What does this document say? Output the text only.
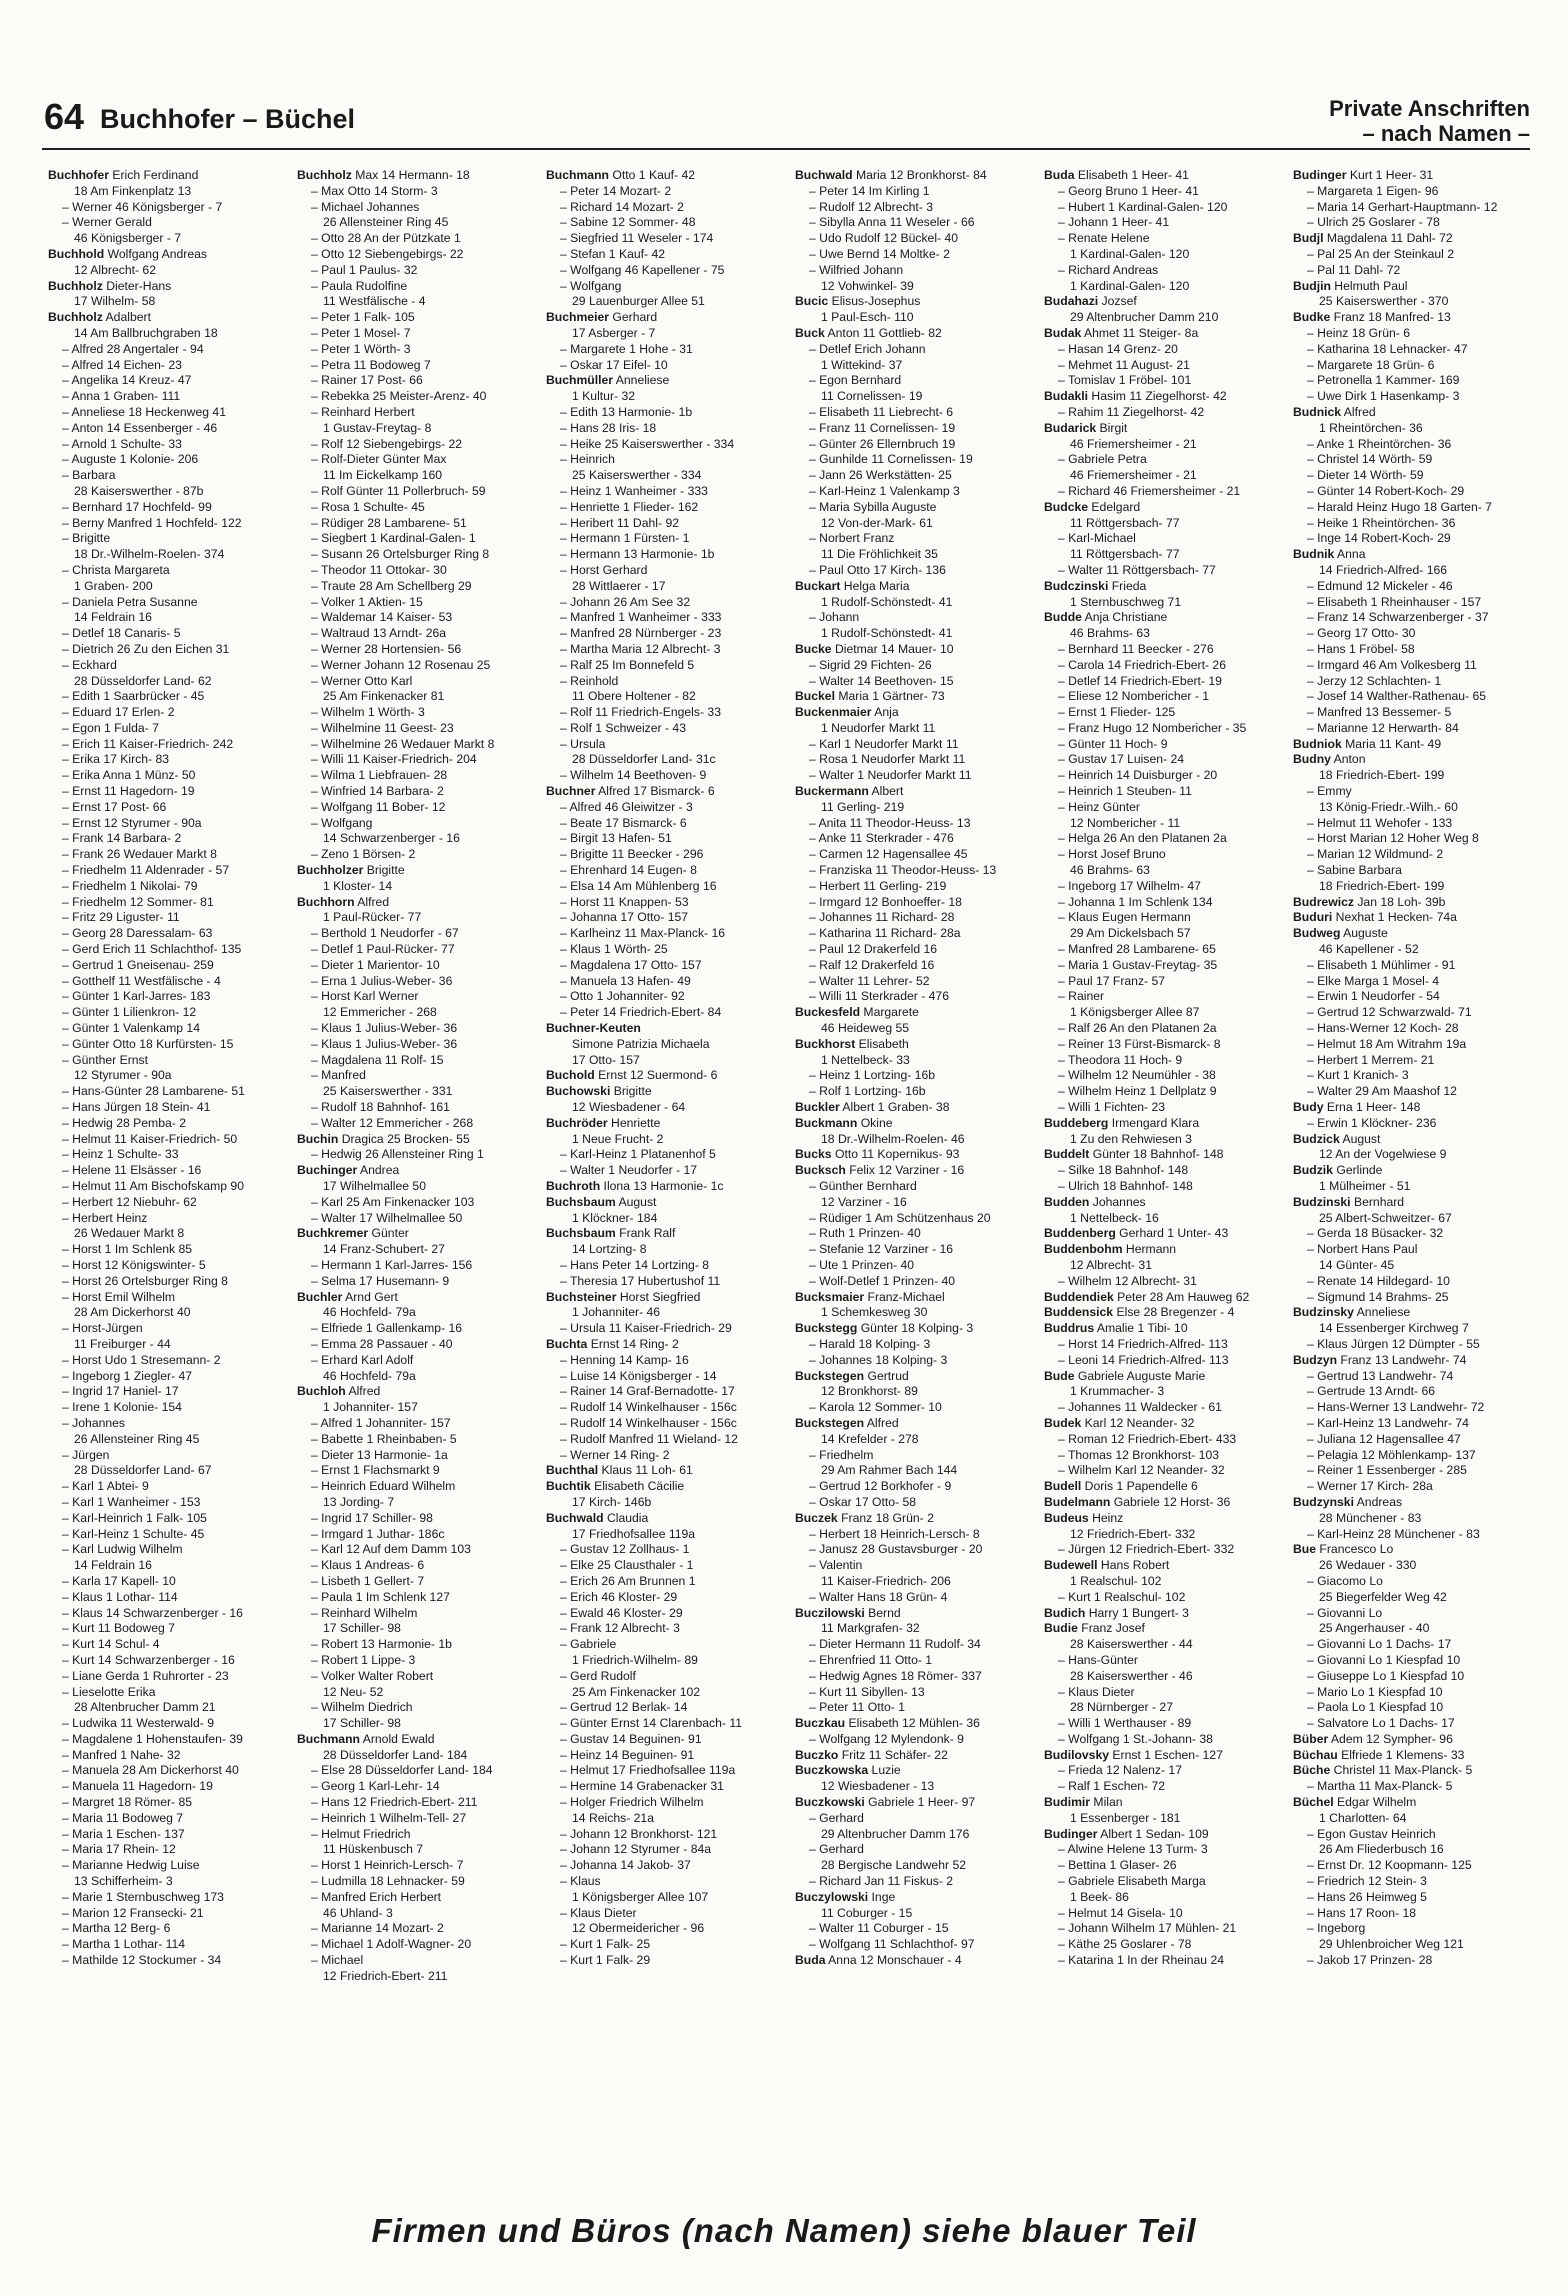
64 Buchhofer – Büchel	Private Anschriften
– nach Namen –
Buchhofer Erich Ferdinand
18 Am Finkenplatz 13
– Werner 46 Königsberger - 7
– Werner Gerald
46 Königsberger - 7
Buchhold Wolfgang Andreas
12 Albrecht- 62
Buchholz Dieter-Hans
17 Wilhelm- 58
Buchholz Adalbert
14 Am Ballbruchgraben 18
– Alfred 28 Angertaler - 94
– Alfred 14 Eichen- 23
– Angelika 14 Kreuz- 47
– Anna 1 Graben- 111
– Anneliese 18 Heckenweg 41
– Anton 14 Essenberger - 46
– Arnold 1 Schulte- 33
– Auguste 1 Kolonie- 206
– Barbara
28 Kaiserswerther - 87b
– Bernhard 17 Hochfeld- 99
– Berny Manfred 1 Hochfeld- 122
– Brigitte
18 Dr.-Wilhelm-Roelen- 374
– Christa Margareta
1 Graben- 200
– Daniela Petra Susanne
14 Feldrain 16
– Detlef 18 Canaris- 5
– Dietrich 26 Zu den Eichen 31
– Eckhard
28 Düsseldorfer Land- 62
– Edith 1 Saarbrücker - 45
– Eduard 17 Erlen- 2
– Egon 1 Fulda- 7
– Erich 11 Kaiser-Friedrich- 242
– Erika 17 Kirch- 83
– Erika Anna 1 Münz- 50
– Ernst 11 Hagedorn- 19
– Ernst 17 Post- 66
– Ernst 12 Styrumer - 90a
– Frank 14 Barbara- 2
– Frank 26 Wedauer Markt 8
– Friedhelm 11 Aldenrader - 57
– Friedhelm 1 Nikolai- 79
– Friedhelm 12 Sommer- 81
– Fritz 29 Liguster- 11
– Georg 28 Daressalam- 63
– Gerd Erich 11 Schlachthof- 135
– Gertrud 1 Gneisenau- 259
– Gotthelf 11 Westfälische - 4
– Günter 1 Karl-Jarres- 183
– Günter 1 Lilienkron- 12
– Günter 1 Valenkamp 14
– Günter Otto 18 Kurfürsten- 15
– Günther Ernst
12 Styrumer - 90a
– Hans-Günter 28 Lambarene- 51
– Hans Jürgen 18 Stein- 41
– Hedwig 28 Pemba- 2
– Helmut 11 Kaiser-Friedrich- 50
– Heinz 1 Schulte- 33
– Helene 11 Elsässer - 16
– Helmut 11 Am Bischofskamp 90
– Herbert 12 Niebuhr- 62
– Herbert Heinz
26 Wedauer Markt 8
– Horst 1 Im Schlenk 85
– Horst 12 Königswinter- 5
– Horst 26 Ortelsburger Ring 8
– Horst Emil Wilhelm
28 Am Dickerhorst 40
– Horst-Jürgen
11 Freiburger - 44
– Horst Udo 1 Stresemann- 2
– Ingeborg 1 Ziegler- 47
– Ingrid 17 Haniel- 17
– Irene 1 Kolonie- 154
– Johannes
26 Allensteiner Ring 45
– Jürgen
28 Düsseldorfer Land- 67
– Karl 1 Abtei- 9
– Karl 1 Wanheimer - 153
– Karl-Heinrich 1 Falk- 105
– Karl-Heinz 1 Schulte- 45
– Karl Ludwig Wilhelm
14 Feldrain 16
– Karla 17 Kapell- 10
– Klaus 1 Lothar- 114
– Klaus 14 Schwarzenberger - 16
– Kurt 11 Bodoweg 7
– Kurt 14 Schul- 4
– Kurt 14 Schwarzenberger - 16
– Liane Gerda 1 Ruhrorter - 23
– Lieselotte Erika
28 Altenbrucher Damm 21
– Ludwika 11 Westerwald- 9
– Magdalene 1 Hohenstaufen- 39
– Manfred 1 Nahe- 32
– Manuela 28 Am Dickerhorst 40
– Manuela 11 Hagedorn- 19
– Margret 18 Römer- 85
– Maria 11 Bodoweg 7
– Maria 1 Eschen- 137
– Maria 17 Rhein- 12
– Marianne Hedwig Luise
13 Schifferheim- 3
– Marie 1 Sternbuschweg 173
– Marion 12 Fransecki- 21
– Martha 12 Berg- 6
– Martha 1 Lothar- 114
– Mathilde 12 Stockumer - 34
Buchholz Max 14 Hermann- 18
– Max Otto 14 Storm- 3
– Michael Johannes
26 Allensteiner Ring 45
– Otto 28 An der Pützkate 1
– Otto 12 Siebengebirgs- 22
– Paul 1 Paulus- 32
– Paula Rudolfine
11 Westfälische - 4
– Peter 1 Falk- 105
– Peter 1 Mosel- 7
– Peter 1 Wörth- 3
– Petra 11 Bodoweg 7
– Rainer 17 Post- 66
– Rebekka 25 Meister-Arenz- 40
– Reinhard Herbert
1 Gustav-Freytag- 8
– Rolf 12 Siebengebirgs- 22
– Rolf-Dieter Günter Max
11 Im Eickelkamp 160
– Rolf Günter 11 Pollerbruch- 59
– Rosa 1 Schulte- 45
– Rüdiger 28 Lambarene- 51
– Siegbert 1 Kardinal-Galen- 1
– Susann 26 Ortelsburger Ring 8
– Theodor 11 Ottokar- 30
– Traute 28 Am Schellberg 29
– Volker 1 Aktien- 15
– Waldemar 14 Kaiser- 53
– Waltraud 13 Arndt- 26a
– Werner 28 Hortensien- 56
– Werner Johann 12 Rosenau 25
– Werner Otto Karl
25 Am Finkenacker 81
– Wilhelm 1 Wörth- 3
– Wilhelmine 11 Geest- 23
– Wilhelmine 26 Wedauer Markt 8
– Willi 11 Kaiser-Friedrich- 204
– Wilma 1 Liebfrauen- 28
– Winfried 14 Barbara- 2
– Wolfgang 11 Bober- 12
– Wolfgang
14 Schwarzenberger - 16
– Zeno 1 Börsen- 2
Buchholzer Brigitte
1 Kloster- 14
Buchhorn Alfred
1 Paul-Rücker- 77
– Berthold 1 Neudorfer - 67
– Detlef 1 Paul-Rücker- 77
– Dieter 1 Marientor- 10
– Erna 1 Julius-Weber- 36
– Horst Karl Werner
12 Emmericher - 268
– Klaus 1 Julius-Weber- 36
– Klaus 1 Julius-Weber- 36
– Magdalena 11 Rolf- 15
– Manfred
25 Kaiserswerther - 331
– Rudolf 18 Bahnhof- 161
– Walter 12 Emmericher - 268
Buchin Dragica 25 Brocken- 55
– Hedwig 26 Allensteiner Ring 1
Buchinger Andrea
17 Wilhelmallee 50
– Karl 25 Am Finkenacker 103
– Walter 17 Wilhelmallee 50
Buchkremer Günter
14 Franz-Schubert- 27
– Hermann 1 Karl-Jarres- 156
– Selma 17 Husemann- 9
Buchler Arnd Gert
46 Hochfeld- 79a
– Elfriede 1 Gallenkamp- 16
– Emma 28 Passauer - 40
– Erhard Karl Adolf
46 Hochfeld- 79a
Buchloh Alfred
1 Johanniter- 157
– Alfred 1 Johanniter- 157
– Babette 1 Rheinbaben- 5
– Dieter 13 Harmonie- 1a
– Ernst 1 Flachsmarkt 9
– Heinrich Eduard Wilhelm
13 Jording- 7
– Ingrid 17 Schiller- 98
– Irmgard 1 Juthar- 186c
– Karl 12 Auf dem Damm 103
– Klaus 1 Andreas- 6
– Lisbeth 1 Gellert- 7
– Paula 1 Im Schlenk 127
– Reinhard Wilhelm
17 Schiller- 98
– Robert 13 Harmonie- 1b
– Robert 1 Lippe- 3
– Volker Walter Robert
12 Neu- 52
– Wilhelm Diedrich
17 Schiller- 98
Buchmann Arnold Ewald
28 Düsseldorfer Land- 184
– Else 28 Düsseldorfer Land- 184
– Georg 1 Karl-Lehr- 14
– Hans 12 Friedrich-Ebert- 211
– Heinrich 1 Wilhelm-Tell- 27
– Helmut Friedrich
11 Hüskenbusch 7
– Horst 1 Heinrich-Lersch- 7
– Ludmilla 18 Lehnacker- 59
– Manfred Erich Herbert
46 Uhland- 3
– Marianne 14 Mozart- 2
– Michael 1 Adolf-Wagner- 20
– Michael
12 Friedrich-Ebert- 211
Buchmann Otto 1 Kauf- 42
– Peter 14 Mozart- 2
– Richard 14 Mozart- 2
– Sabine 12 Sommer- 48
– Siegfried 11 Weseler - 174
– Stefan 1 Kauf- 42
– Wolfgang 46 Kapellener - 75
– Wolfgang
29 Lauenburger Allee 51
Buchmeier Gerhard
17 Asberger - 7
– Margarete 1 Hohe - 31
– Oskar 17 Eifel- 10
Buchmüller Anneliese
1 Kultur- 32
– Edith 13 Harmonie- 1b
– Hans 28 Iris- 18
– Heike 25 Kaiserswerther - 334
– Heinrich
25 Kaiserswerther - 334
– Heinz 1 Wanheimer - 333
– Henriette 1 Flieder- 162
– Heribert 11 Dahl- 92
– Hermann 1 Fürsten- 1
– Hermann 13 Harmonie- 1b
– Horst Gerhard
28 Wittlaerer - 17
– Johann 26 Am See 32
– Manfred 1 Wanheimer - 333
– Manfred 28 Nürnberger - 23
– Martha Maria 12 Albrecht- 3
– Ralf 25 Im Bonnefeld 5
– Reinhold
11 Obere Holtener - 82
– Rolf 11 Friedrich-Engels- 33
– Rolf 1 Schweizer - 43
– Ursula
28 Düsseldorfer Land- 31c
– Wilhelm 14 Beethoven- 9
Buchner Alfred 17 Bismarck- 6
– Alfred 46 Gleiwitzer - 3
– Beate 17 Bismarck- 6
– Birgit 13 Hafen- 51
– Brigitte 11 Beecker - 296
– Ehrenhard 14 Eugen- 8
– Elsa 14 Am Mühlenberg 16
– Horst 11 Knappen- 53
– Johanna 17 Otto- 157
– Karlheinz 11 Max-Planck- 16
– Klaus 1 Wörth- 25
– Magdalena 17 Otto- 157
– Manuela 13 Hafen- 49
– Otto 1 Johanniter- 92
– Peter 14 Friedrich-Ebert- 84
Buchner-Keuten
Simone Patrizia Michaela
17 Otto- 157
Buchold Ernst 12 Suermond- 6
Buchowski Brigitte
12 Wiesbadener - 64
Buchröder Henriette
1 Neue Frucht- 2
– Karl-Heinz 1 Platanenhof 5
– Walter 1 Neudorfer - 17
Buchroth Ilona 13 Harmonie- 1c
Buchsbaum August
1 Klöckner- 184
Buchsbaum Frank Ralf
14 Lortzing- 8
– Hans Peter 14 Lortzing- 8
– Theresia 17 Hubertushof 11
Buchsteiner Horst Siegfried
1 Johanniter- 46
– Ursula 11 Kaiser-Friedrich- 29
Buchta Ernst 14 Ring- 2
– Henning 14 Kamp- 16
– Luise 14 Königsberger - 14
– Rainer 14 Graf-Bernadotte- 17
– Rudolf 14 Winkelhauser - 156c
– Rudolf 14 Winkelhauser - 156c
– Rudolf Manfred 11 Wieland- 12
– Werner 14 Ring- 2
Buchthal Klaus 11 Loh- 61
Buchtik Elisabeth Cäcilie
17 Kirch- 146b
Buchwald Claudia
17 Friedhofsallee 119a
– Gustav 12 Zollhaus- 1
– Elke 25 Clausthaler - 1
– Erich 26 Am Brunnen 1
– Erich 46 Kloster- 29
– Ewald 46 Kloster- 29
– Frank 12 Albrecht- 3
– Gabriele
1 Friedrich-Wilhelm- 89
– Gerd Rudolf
25 Am Finkenacker 102
– Gertrud 12 Berlak- 14
– Günter Ernst 14 Clarenbach- 11
– Gustav 14 Beguinen- 91
– Heinz 14 Beguinen- 91
– Helmut 17 Friedhofsallee 119a
– Hermine 14 Grabenacker 31
– Holger Friedrich Wilhelm
14 Reichs- 21a
– Johann 12 Bronkhorst- 121
– Johann 12 Styrumer - 84a
– Johanna 14 Jakob- 37
– Klaus
1 Königsberger Allee 107
– Klaus Dieter
12 Obermeidericher - 96
– Kurt 1 Falk- 25
– Kurt 1 Falk- 29
Buchwald Maria 12 Bronkhorst- 84
– Peter 14 Im Kirling 1
– Rudolf 12 Albrecht- 3
– Sibylla Anna 11 Weseler - 66
– Udo Rudolf 12 Bückel- 40
– Uwe Bernd 14 Moltke- 2
– Wilfried Johann
12 Vohwinkel- 39
Bucic Elisus-Josephus
1 Paul-Esch- 110
Buck Anton 11 Gottlieb- 82
– Detlef Erich Johann
1 Wittekind- 37
– Egon Bernhard
11 Cornelissen- 19
– Elisabeth 11 Liebrecht- 6
– Franz 11 Cornelissen- 19
– Günter 26 Ellernbruch 19
– Gunhilde 11 Cornelissen- 19
– Jann 26 Werkstätten- 25
– Karl-Heinz 1 Valenkamp 3
– Maria Sybilla Auguste
12 Von-der-Mark- 61
– Norbert Franz
11 Die Fröhlichkeit 35
– Paul Otto 17 Kirch- 136
Buckart Helga Maria
1 Rudolf-Schönstedt- 41
– Johann
1 Rudolf-Schönstedt- 41
Bucke Dietmar 14 Mauer- 10
– Sigrid 29 Fichten- 26
– Walter 14 Beethoven- 15
Buckel Maria 1 Gärtner- 73
Buckenmaier Anja
1 Neudorfer Markt 11
– Karl 1 Neudorfer Markt 11
– Rosa 1 Neudorfer Markt 11
– Walter 1 Neudorfer Markt 11
Buckermann Albert
11 Gerling- 219
– Anita 11 Theodor-Heuss- 13
– Anke 11 Sterkrader - 476
– Carmen 12 Hagensallee 45
– Franziska 11 Theodor-Heuss- 13
– Herbert 11 Gerling- 219
– Irmgard 12 Bonhoeffer- 18
– Johannes 11 Richard- 28
– Katharina 11 Richard- 28a
– Paul 12 Drakerfeld 16
– Ralf 12 Drakerfeld 16
– Walter 11 Lehrer- 52
– Willi 11 Sterkrader - 476
Buckesfeld Margarete
46 Heideweg 55
Buckhorst Elisabeth
1 Nettelbeck- 33
– Heinz 1 Lortzing- 16b
– Rolf 1 Lortzing- 16b
Buckler Albert 1 Graben- 38
Buckmann Okine
18 Dr.-Wilhelm-Roelen- 46
Bucks Otto 11 Kopernikus- 93
Bucksch Felix 12 Varziner - 16
– Günther Bernhard
12 Varziner - 16
– Rüdiger 1 Am Schützenhaus 20
– Ruth 1 Prinzen- 40
– Stefanie 12 Varziner - 16
– Ute 1 Prinzen- 40
– Wolf-Detlef 1 Prinzen- 40
Bucksmaier Franz-Michael
1 Schemkesweg 30
Buckstegg Günter 18 Kolping- 3
– Harald 18 Kolping- 3
– Johannes 18 Kolping- 3
Buckstegen Gertrud
12 Bronkhorst- 89
– Karola 12 Sommer- 10
Buckstegen Alfred
14 Krefelder - 278
– Friedhelm
29 Am Rahmer Bach 144
– Gertrud 12 Borkhofer - 9
– Oskar 17 Otto- 58
Buczek Franz 18 Grün- 2
– Herbert 18 Heinrich-Lersch- 8
– Janusz 28 Gustavsburger - 20
– Valentin
11 Kaiser-Friedrich- 206
– Walter Hans 18 Grün- 4
Buczilowski Bernd
11 Markgrafen- 32
– Dieter Hermann 11 Rudolf- 34
– Ehrenfried 11 Otto- 1
– Hedwig Agnes 18 Römer- 337
– Kurt 11 Sibyllen- 13
– Peter 11 Otto- 1
Buczkau Elisabeth 12 Mühlen- 36
– Wolfgang 12 Mylendonk- 9
Buczko Fritz 11 Schäfer- 22
Buczkowska Luzie
12 Wiesbadener - 13
Buczkowski Gabriele 1 Heer- 97
– Gerhard
29 Altenbrucher Damm 176
– Gerhard
28 Bergische Landwehr 52
– Richard Jan 11 Fiskus- 2
Buczylowski Inge
11 Coburger - 15
– Walter 11 Coburger - 15
– Wolfgang 11 Schlachthof- 97
Buda Anna 12 Monschauer - 4
Buda Elisabeth 1 Heer- 41
– Georg Bruno 1 Heer- 41
– Hubert 1 Kardinal-Galen- 120
– Johann 1 Heer- 41
– Renate Helene
1 Kardinal-Galen- 120
– Richard Andreas
1 Kardinal-Galen- 120
Budahazi Jozsef
29 Altenbrucher Damm 210
Budak Ahmet 11 Steiger- 8a
– Hasan 14 Grenz- 20
– Mehmet 11 August- 21
– Tomislav 1 Fröbel- 101
Budakli Hasim 11 Ziegelhorst- 42
– Rahim 11 Ziegelhorst- 42
Budarick Birgit
46 Friemersheimer - 21
– Gabriele Petra
46 Friemersheimer - 21
– Richard 46 Friemersheimer - 21
Budcke Edelgard
11 Röttgersbach- 77
– Karl-Michael
11 Röttgersbach- 77
– Walter 11 Röttgersbach- 77
Budczinski Frieda
1 Sternbuschweg 71
Budde Anja Christiane
46 Brahms- 63
– Bernhard 11 Beecker - 276
– Carola 14 Friedrich-Ebert- 26
– Detlef 14 Friedrich-Ebert- 19
– Eliese 12 Nombericher - 1
– Ernst 1 Flieder- 125
– Franz Hugo 12 Nombericher - 35
– Günter 11 Hoch- 9
– Gustav 17 Luisen- 24
– Heinrich 14 Duisburger - 20
– Heinrich 1 Steuben- 11
– Heinz Günter
12 Nombericher - 11
– Helga 26 An den Platanen 2a
– Horst Josef Bruno
46 Brahms- 63
– Ingeborg 17 Wilhelm- 47
– Johanna 1 Im Schlenk 134
– Klaus Eugen Hermann
29 Am Dickelsbach 57
– Manfred 28 Lambarene- 65
– Maria 1 Gustav-Freytag- 35
– Paul 17 Franz- 57
– Rainer
1 Königsberger Allee 87
– Ralf 26 An den Platanen 2a
– Reiner 13 Fürst-Bismarck- 8
– Theodora 11 Hoch- 9
– Wilhelm 12 Neumühler - 38
– Wilhelm Heinz 1 Dellplatz 9
– Willi 1 Fichten- 23
Buddeberg Irmengard Klara
1 Zu den Rehwiesen 3
Buddelt Günter 18 Bahnhof- 148
– Silke 18 Bahnhof- 148
– Ulrich 18 Bahnhof- 148
Budden Johannes
1 Nettelbeck- 16
Buddenberg Gerhard 1 Unter- 43
Buddenbohm Hermann
12 Albrecht- 31
– Wilhelm 12 Albrecht- 31
Buddendiek Peter 28 Am Hauweg 62
Buddensick Else 28 Bregenzer - 4
Buddrus Amalie 1 Tibi- 10
– Horst 14 Friedrich-Alfred- 113
– Leoni 14 Friedrich-Alfred- 113
Bude Gabriele Auguste Marie
1 Krummacher- 3
– Johannes 11 Waldecker - 61
Budek Karl 12 Neander- 32
– Roman 12 Friedrich-Ebert- 433
– Thomas 12 Bronkhorst- 103
– Wilhelm Karl 12 Neander- 32
Budell Doris 1 Papendelle 6
Budelmann Gabriele 12 Horst- 36
Budeus Heinz
12 Friedrich-Ebert- 332
– Jürgen 12 Friedrich-Ebert- 332
Budewell Hans Robert
1 Realschul- 102
– Kurt 1 Realschul- 102
Budich Harry 1 Bungert- 3
Budie Franz Josef
28 Kaiserswerther - 44
– Hans-Günter
28 Kaiserswerther - 46
– Klaus Dieter
28 Nürnberger - 27
– Willi 1 Werthauser - 89
– Wolfgang 1 St.-Johann- 38
Budilovsky Ernst 1 Eschen- 127
– Frieda 12 Nalenz- 17
– Ralf 1 Eschen- 72
Budimir Milan
1 Essenberger - 181
Budinger Albert 1 Sedan- 109
– Alwine Helene 13 Turm- 3
– Bettina 1 Glaser- 26
– Gabriele Elisabeth Marga
1 Beek- 86
– Helmut 14 Gisela- 10
– Johann Wilhelm 17 Mühlen- 21
– Käthe 25 Goslarer - 78
– Katarina 1 In der Rheinau 24
Budinger Kurt 1 Heer- 31
– Margareta 1 Eigen- 96
– Maria 14 Gerhart-Hauptmann- 12
– Ulrich 25 Goslarer - 78
Budjl Magdalena 11 Dahl- 72
– Pal 25 An der Steinkaul 2
– Pal 11 Dahl- 72
Budjin Helmuth Paul
25 Kaiserswerther - 370
Budke Franz 18 Manfred- 13
– Heinz 18 Grün- 6
– Katharina 18 Lehnacker- 47
– Margarete 18 Grün- 6
– Petronella 1 Kammer- 169
– Uwe Dirk 1 Hasenkamp- 3
Budnick Alfred
1 Rheintörchen- 36
– Anke 1 Rheintörchen- 36
– Christel 14 Wörth- 59
– Dieter 14 Wörth- 59
– Günter 14 Robert-Koch- 29
– Harald Heinz Hugo 18 Garten- 7
– Heike 1 Rheintörchen- 36
– Inge 14 Robert-Koch- 29
Budnik Anna
14 Friedrich-Alfred- 166
– Edmund 12 Mickeler - 46
– Elisabeth 1 Rheinhauser - 157
– Franz 14 Schwarzenberger - 37
– Georg 17 Otto- 30
– Hans 1 Fröbel- 58
– Irmgard 46 Am Volkesberg 11
– Jerzy 12 Schlachten- 1
– Josef 14 Walther-Rathenau- 65
– Manfred 13 Bessemer- 5
– Marianne 12 Herwarth- 84
Budniok Maria 11 Kant- 49
Budny Anton
18 Friedrich-Ebert- 199
– Emmy
13 König-Friedr.-Wilh.- 60
– Helmut 11 Wehofer - 133
– Horst Marian 12 Hoher Weg 8
– Marian 12 Wildmund- 2
– Sabine Barbara
18 Friedrich-Ebert- 199
Budrewicz Jan 18 Loh- 39b
Buduri Nexhat 1 Hecken- 74a
Budweg Auguste
46 Kapellener - 52
– Elisabeth 1 Mühlimer - 91
– Elke Marga 1 Mosel- 4
– Erwin 1 Neudorfer - 54
– Gertrud 12 Schwarzwald- 71
– Hans-Werner 12 Koch- 28
– Helmut 18 Am Witrahm 19a
– Herbert 1 Merrem- 21
– Kurt 1 Kranich- 3
– Walter 29 Am Maashof 12
Budy Erna 1 Heer- 148
– Erwin 1 Klöckner- 236
Budzick August
12 An der Vogelwiese 9
Budzik Gerlinde
1 Mülheimer - 51
Budzinski Bernhard
25 Albert-Schweitzer- 67
– Gerda 18 Büsacker- 32
– Norbert Hans Paul
14 Günter- 45
– Renate 14 Hildegard- 10
– Sigmund 14 Brahms- 25
Budzinsky Anneliese
14 Essenberger Kirchweg 7
– Klaus Jürgen 12 Dümpter - 55
Budzyn Franz 13 Landwehr- 74
– Gertrud 13 Landwehr- 74
– Gertrude 13 Arndt- 66
– Hans-Werner 13 Landwehr- 72
– Karl-Heinz 13 Landwehr- 74
– Juliana 12 Hagensallee 47
– Pelagia 12 Möhlenkamp- 137
– Reiner 1 Essenberger - 285
– Werner 17 Kirch- 28a
Budzynski Andreas
28 Münchener - 83
– Karl-Heinz 28 Münchener - 83
Bue Francesco Lo
26 Wedauer - 330
– Giacomo Lo
25 Biegerfelder Weg 42
– Giovanni Lo
25 Angerhauser - 40
– Giovanni Lo 1 Dachs- 17
– Giovanni Lo 1 Kiespfad 10
– Giuseppe Lo 1 Kiespfad 10
– Mario Lo 1 Kiespfad 10
– Paola Lo 1 Kiespfad 10
– Salvatore Lo 1 Dachs- 17
Büber Adem 12 Sympher- 96
Büchau Elfriede 1 Klemens- 33
Büche Christel 11 Max-Planck- 5
– Martha 11 Max-Planck- 5
Büchel Edgar Wilhelm
1 Charlotten- 64
– Egon Gustav Heinrich
26 Am Fliederbusch 16
– Ernst Dr. 12 Koopmann- 125
– Friedrich 12 Stein- 3
– Hans 26 Heimweg 5
– Hans 17 Roon- 18
– Ingeborg
29 Uhlenbroicher Weg 121
– Jakob 17 Prinzen- 28
Firmen und Büros (nach Namen) siehe blauer Teil
